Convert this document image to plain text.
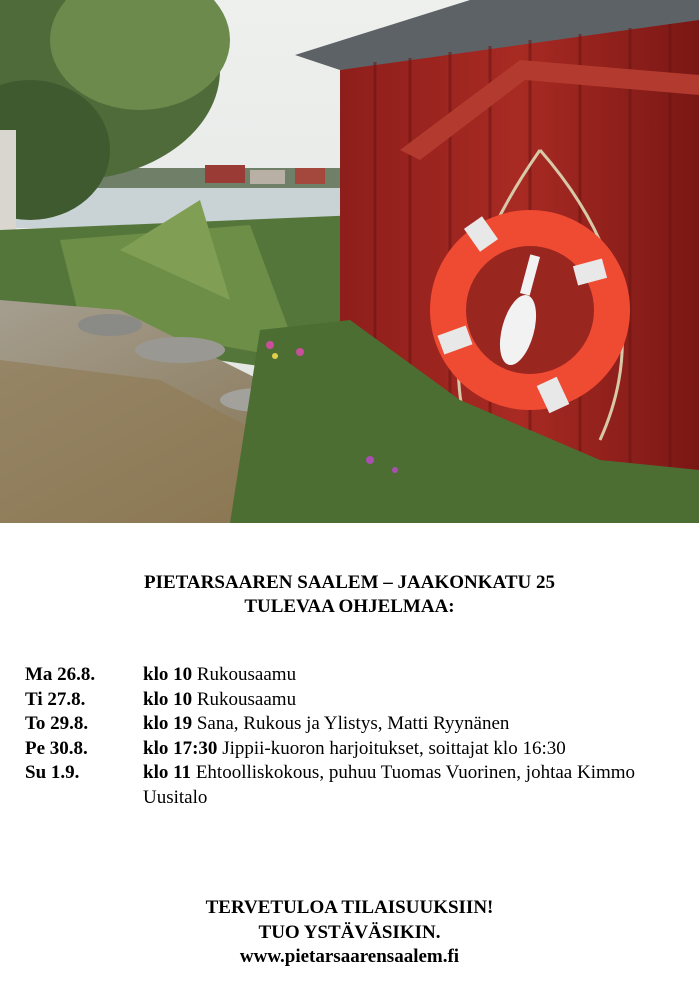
PIETARSAAREN SAALEM – JAAKONKATU 25
TULEVAA OHJELMAA:
Ma 26.8.	klo 10 Rukousaamu
Ti 27.8.	klo 10 Rukousaamu
To 29.8.	klo 19 Sana, Rukous ja Ylistys, Matti Ryynänen
Pe 30.8.	klo 17:30 Jippii-kuoron harjoitukset, soittajat klo 16:30
Su 1.9.	klo 11 Ehtoolliskokous, puhuu Tuomas Vuorinen, johtaa Kimmo Uusitalo
TERVETULOA TILAISUUKSIIN!
TUO YSTÄVÄSIKIN.
www.pietarsaarensaalem.fi
